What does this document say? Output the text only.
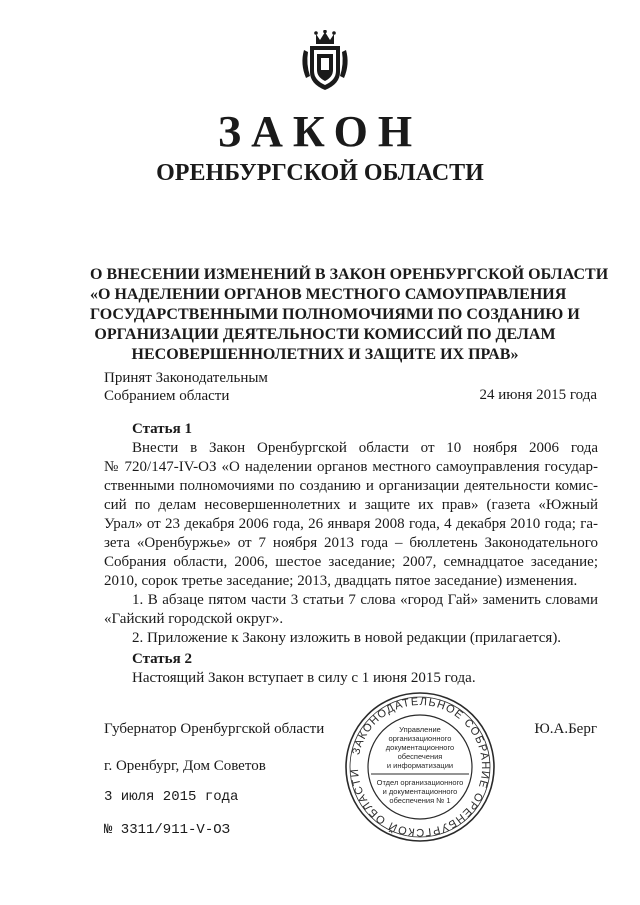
ЗАКОН
ОРЕНБУРГСКОЙ ОБЛАСТИ
О ВНЕСЕНИИ ИЗМЕНЕНИЙ В ЗАКОН ОРЕНБУРГСКОЙ ОБЛАСТИ
«О НАДЕЛЕНИИ ОРГАНОВ МЕСТНОГО САМОУПРАВЛЕНИЯ
ГОСУДАРСТВЕННЫМИ ПОЛНОМОЧИЯМИ ПО СОЗДАНИЮ И
ОРГАНИЗАЦИИ ДЕЯТЕЛЬНОСТИ КОМИССИЙ ПО ДЕЛАМ
НЕСОВЕРШЕННОЛЕТНИХ И ЗАЩИТЕ ИХ ПРАВ»
Принят Законодательным
Собранием области	24 июня 2015 года
Статья 1
Внести в Закон Оренбургской области от 10 ноября 2006 года
№ 720/147-IV-ОЗ «О наделении органов местного самоуправления государ-
ственными полномочиями по созданию и организации деятельности комис-
сий по делам несовершеннолетних и защите их прав» (газета «Южный
Урал» от 23 декабря 2006 года, 26 января 2008 года, 4 декабря 2010 года; га-
зета «Оренбуржье» от 7 ноября 2013 года – бюллетень Законодательного
Собрания области, 2006, шестое заседание; 2007, семнадцатое заседание;
2010, сорок третье заседание; 2013, двадцать пятое заседание) изменения.
1. В абзаце пятом части 3 статьи 7 слова «город Гай» заменить словами
«Гайский городской округ».
2. Приложение к Закону изложить в новой редакции (прилагается).
Статья 2
Настоящий Закон вступает в силу с 1 июня 2015 года.
Губернатор Оренбургской области	Ю.А.Берг
г. Оренбург, Дом Советов
3 июля 2015 года
№ 3311/911-V-ОЗ
ЗАКОНОДАТЕЛЬНОЕ СОБРАНИЕ ОРЕНБУРГСКОЙ ОБЛАСТИ
Управление
организационного
документационного
обеспечения
и информатизации
Отдел организационного
и документационного
обеспечения № 1
